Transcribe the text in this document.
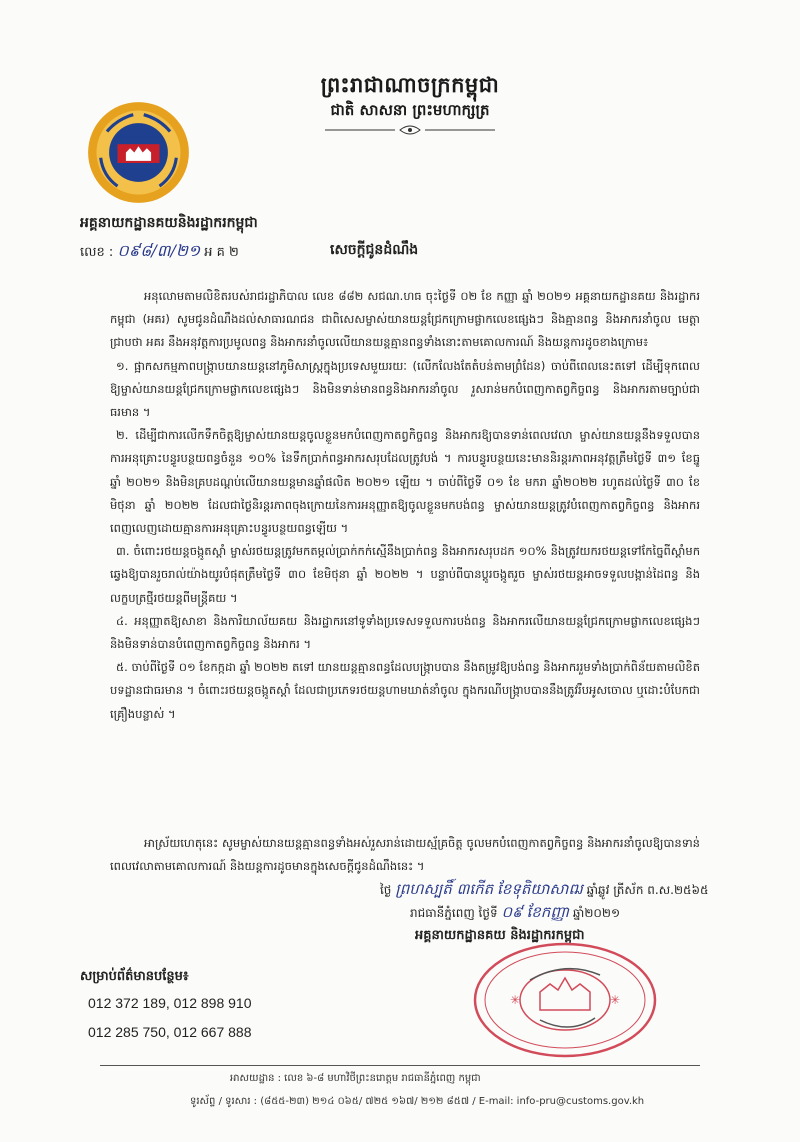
ព្រះរាជាណាចក្រកម្ពុជា
ជាតិ សាសនា ព្រះមហាក្សត្រ
អគ្គនាយកដ្ឋានគយនិងរដ្ឋាករកម្ពុជា
លេខ : ០៩៨/៣/២១ អ គ ២	សេចក្តីជូនដំណឹង

អនុលោមតាមលិខិតរបស់រាជរដ្ឋាភិបាល លេខ ៨៨២ សជណ.ហធ ចុះថ្ងៃទី ០២ ខែ កញ្ញា ឆ្នាំ ២០២១ អគ្គនាយកដ្ឋានគយ និងរដ្ឋាករកម្ពុជា (អគរ) សូមជូនដំណឹងដល់សាធារណជន ជាពិសេសម្ចាស់យានយន្តជ្រែកក្រោមផ្លាកលេខផ្សេងៗ និងគ្មានពន្ធ និងអាករនាំចូល មេត្តាជ្រាបថា អគរ នឹងអនុវត្តការប្រមូលពន្ធ និងអាករនាំចូលលើយានយន្តគ្មានពន្ធទាំងនោះតាមគោលការណ៍ និងយន្តការដូចខាងក្រោម៖

១. ផ្អាកសកម្មភាពបង្ក្រាបយានយន្តនៅភូមិសាស្រ្តក្នុងប្រទេសមួយរយៈ (លើកលែងតែតំបន់តាមព្រំដែន) ចាប់ពីពេលនេះតទៅ ដើម្បីទុកពេលឱ្យម្ចាស់យានយន្តជ្រែកក្រោមផ្លាកលេខផ្សេងៗ និងមិនទាន់មានពន្ធនិងអាករនាំចូល រួសរាន់មកបំពេញកាតព្វកិច្ចពន្ធ និងអាករតាមច្បាប់ជាធរមាន ។

២. ដើម្បីជាការលើកទឹកចិត្តឱ្យម្ចាស់យានយន្តចូលខ្លួនមកបំពេញកាតព្វកិច្ចពន្ធ និងអាករឱ្យបានទាន់ពេលវេលា ម្ចាស់យានយន្តនឹងទទួលបានការអនុគ្រោះបន្ធូរបន្ថយពន្ធចំនួន ១០% នៃទឹកប្រាក់ពន្ធអាករសរុបដែលត្រូវបង់ ។ ការបន្ធូរបន្ថយនេះមាននិរន្តរភាពអនុវត្តត្រឹមថ្ងៃទី ៣១ ខែធ្នូ ឆ្នាំ ២០២១ និងមិនគ្របដណ្តប់លើយានយន្តមានឆ្នាំផលិត ២០២១ ឡើយ ។ ចាប់ពីថ្ងៃទី ០១ ខែ មករា ឆ្នាំ២០២២ រហូតដល់ថ្ងៃទី ៣០ ខែមិថុនា ឆ្នាំ ២០២២ ដែលជាថ្ងៃនិរន្តរភាពចុងក្រោយនៃការអនុញ្ញាតឱ្យចូលខ្លួនមកបង់ពន្ធ ម្ចាស់យានយន្តត្រូវបំពេញកាតព្វកិច្ចពន្ធ និងអាករពេញលេញដោយគ្មានការអនុគ្រោះបន្ធូរបន្ថយពន្ធឡើយ ។

៣. ចំពោះរថយន្តចង្កូតស្តាំ ម្ចាស់រថយន្តត្រូវមកតម្កល់ប្រាក់កក់ស្មើនឹងប្រាក់ពន្ធ និងអាករសរុបដក ១០% និងត្រូវយករថយន្តទៅកែច្នៃពីស្តាំមកឆ្វេងឱ្យបានរួចរាល់យ៉ាងយូរបំផុតត្រឹមថ្ងៃទី ៣០ ខែមិថុនា ឆ្នាំ ២០២២ ។ បន្ទាប់ពីបានប្តូរចង្កូតរួច ម្ចាស់រថយន្តអាចទទួលបង្កាន់ដៃពន្ធ និងលក្ខបត្រថ្មីរថយន្តពីមន្ត្រីគយ ។

៤. អនុញ្ញាតឱ្យសាខា និងការិយាល័យគយ និងរដ្ឋាករនៅទូទាំងប្រទេសទទួលការបង់ពន្ធ និងអាករលើយានយន្តជ្រែកក្រោមផ្លាកលេខផ្សេងៗ និងមិនទាន់បានបំពេញកាតព្វកិច្ចពន្ធ និងអាករ ។

៥. ចាប់ពីថ្ងៃទី ០១ ខែកក្កដា ឆ្នាំ ២០២២ តទៅ យានយន្តគ្មានពន្ធដែលបង្ក្រាបបាន នឹងតម្រូវឱ្យបង់ពន្ធ និងអាកររួមទាំងប្រាក់ពិន័យតាមលិខិតបទដ្ឋានជាធរមាន ។ ចំពោះរថយន្តចង្កូតស្តាំ ដែលជាប្រភេទរថយន្តហាមឃាត់នាំចូល ក្នុងករណីបង្ក្រាបបាននឹងត្រូវរឹបអូសចោល ឬដោះបំបែកជាគ្រឿងបន្លាស់ ។

អាស្រ័យហេតុនេះ សូមម្ចាស់យានយន្តគ្មានពន្ធទាំងអស់រួសរាន់ដោយស្ម័គ្រចិត្ត ចូលមកបំពេញកាតព្វកិច្ចពន្ធ និងអាករនាំចូលឱ្យបានទាន់ពេលវេលាតាមគោលការណ៍ និងយន្តការដូចមានក្នុងសេចក្តីជូនដំណឹងនេះ ។
ថ្ងៃ ព្រហស្បតិ៍ ៣កើត ខែទុតិយាសាឍ ឆ្នាំឆ្លូវ ត្រីស័ក ព.ស.២៥៦៥
រាជធានីភ្នំពេញ ថ្ងៃទី ០៩ ខែកញ្ញា ឆ្នាំ២០២១
អគ្គនាយកដ្ឋានគយ និងរដ្ឋាករកម្ពុជា
✳	✳
សម្រាប់ព័ត៌មានបន្ថែម៖
012 372 189, 012 898 910
012 285 750, 012 667 888
អាសយដ្ឋាន : លេខ ៦-៨ មហាវិថីព្រះនរោត្តម រាជធានីភ្នំពេញ កម្ពុជា
ទូរស័ព្ទ / ទូរសារ : (៨៥៥-២៣) ២១៤ ០៦៥/ ៧២៥ ១៦៧/ ២១២ ៨៥៧ / E-mail: info-pru@customs.gov.kh
